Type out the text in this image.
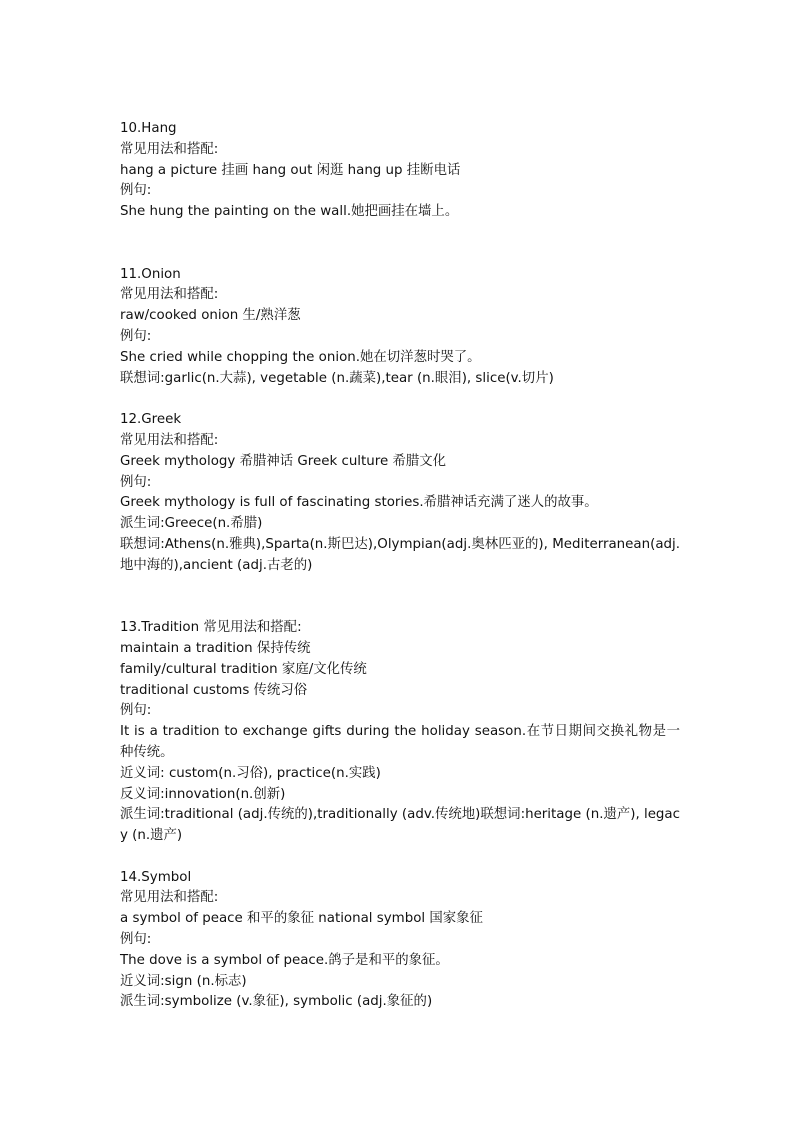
10.Hang
常见用法和搭配:
hang a picture 挂画 hang out 闲逛 hang up 挂断电话
例句:
She hung the painting on the wall.她把画挂在墙上。
11.Onion
常见用法和搭配:
raw/cooked onion 生/熟洋葱
例句:
She cried while chopping the onion.她在切洋葱时哭了。
联想词:garlic(n.大蒜), vegetable (n.蔬菜),tear (n.眼泪), slice(v.切片)
12.Greek
常见用法和搭配:
Greek mythology 希腊神话 Greek culture 希腊文化
例句:
Greek mythology is full of fascinating stories.希腊神话充满了迷人的故事。
派生词:Greece(n.希腊)
联想词:Athens(n.雅典),Sparta(n.斯巴达),Olympian(adj.奥林匹亚的), Mediterranean(adj.地中海的),ancient (adj.古老的)
13.Tradition 常见用法和搭配:
maintain a tradition 保持传统
family/cultural tradition 家庭/文化传统
traditional customs 传统习俗
例句:
It is a tradition to exchange gifts during the holiday season.在节日期间交换礼物是一种传统。
近义词: custom(n.习俗), practice(n.实践)
反义词:innovation(n.创新)
派生词:traditional (adj.传统的),traditionally (adv.传统地)联想词:heritage (n.遗产), legacy (n.遗产)
14.Symbol
常见用法和搭配:
a symbol of peace 和平的象征 national symbol 国家象征
例句:
The dove is a symbol of peace.鸽子是和平的象征。
近义词:sign (n.标志)
派生词:symbolize (v.象征), symbolic (adj.象征的)
